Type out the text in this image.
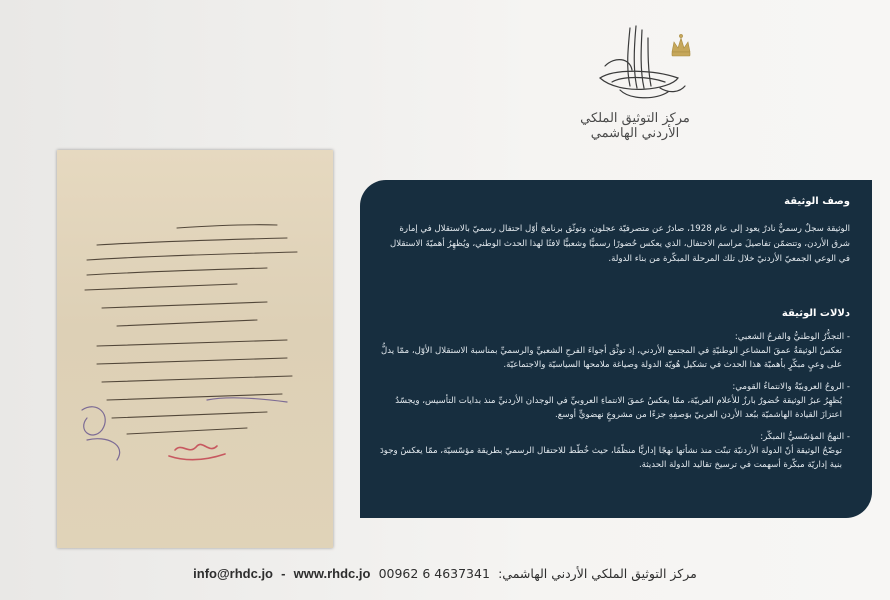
مركز التوثيق الملكي الأردني الهاشمي
وصف الوثيقة
الوثيقة سجلٌ رسميٌّ نادرٌ يعود إلى عام 1928، صادرٌ عن متصرفيّة عجلون، وتوثّق برنامجَ أوّل احتفال رسميّ بالاستقلال في إمارة شرق الأردن، وتتضمّن تفاصيلَ مراسم الاحتفال، الذي يعكس حُضورًا رسميًّا وشعبيًّا لافتًا لهذا الحدث الوطني، ويُظهِرُ أهميّةَ الاستقلال في الوعي الجمعيّ الأردنيّ خلال تلك المرحلة المبكّرة من بناء الدولة.
دلالات الوثيقة
- التجذُّرُ الوطنيُّ والفرحُ الشعبي:
تعكسُ الوثيقةُ عمقَ المشاعرِ الوطنيّةِ في المجتمع الأردني، إذ توثِّق أجواءَ الفرحِ الشعبيِّ والرسميِّ بمناسبة الاستقلال الأوّل، ممّا يدلُّ على وعيٍ مبكّرٍ بأهميّة هذا الحدث في تشكيل هُويّة الدولة وصياغة ملامحها السياسيّة والاجتماعيّة.
- الروحُ العروبيّةُ والانتماءُ القومي:
يُظهِرُ عبرُ الوثيقة حُضورٌ بارزٌ للأعلام العربيّة، ممّا يعكسُ عمقَ الانتماءِ العروبيِّ في الوجدان الأردنيِّ منذ بدايات التأسيس، ويجسّدُ اعتزازَ القيادة الهاشميّة ببُعد الأردن العربيّ بوَصفِهِ جزءًا من مشروعٍ نهضويٍّ أوسع.
- النهجُ المؤسّسيُّ المبكّر:
توضّحُ الوثيقة أنّ الدولة الأردنيّة تبنّت منذ نشأتها نهجًا إداريًّا منظّمًا، حيث خُطّط للاحتفال الرسميّ بطريقة مؤسّسيّة، ممّا يعكسُ وجودَ بنية إداريّة مبكّرة أسهمت في ترسيخ تقاليد الدولة الحديثة.
info@rhdc.jo - www.rhdc.jo 00962 6 4637341 مركز التوثيق الملكي الأردني الهاشمي:
